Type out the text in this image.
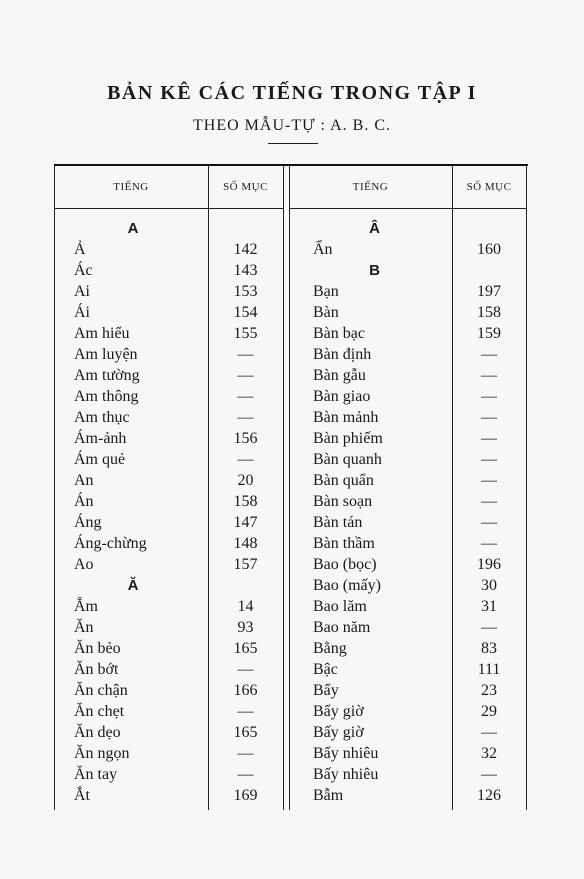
BẢN KÊ CÁC TIẾNG TRONG TẬP I
THEO MẪU-TỰ : A. B. C.
TIẾNG	SỐ MỤC	TIẾNG	SỐ MỤC
A
Ả	142
Ác	143
Ai	153
Ái	154
Am hiểu	155
Am luyện	—
Am tường	—
Am thông	—
Am thục	—
Ám-ảnh	156
Ám quẻ	—
An	20
Án	158
Áng	147
Áng-chừng	148
Ao	157
Ă
Ẵm	14
Ăn	93
Ăn bẻo	165
Ăn bớt	—
Ăn chận	166
Ăn chẹt	—
Ăn dẹo	165
Ăn ngọn	—
Ăn tay	—
Ắt	169
Â
Ẩn	160
B
Bạn	197
Bàn	158
Bàn bạc	159
Bàn định	—
Bàn gẫu	—
Bàn giao	—
Bàn mảnh	—
Bàn phiếm	—
Bàn quanh	—
Bàn quẩn	—
Bàn soạn	—
Bàn tán	—
Bàn thầm	—
Bao (bọc)	196
Bao (mấy)	30
Bao lăm	31
Bao năm	—
Bằng	83
Bậc	111
Bẩy	23
Bẩy giờ	29
Bấy giờ	—
Bẩy nhiêu	32
Bấy nhiêu	—
Bẫm	126
